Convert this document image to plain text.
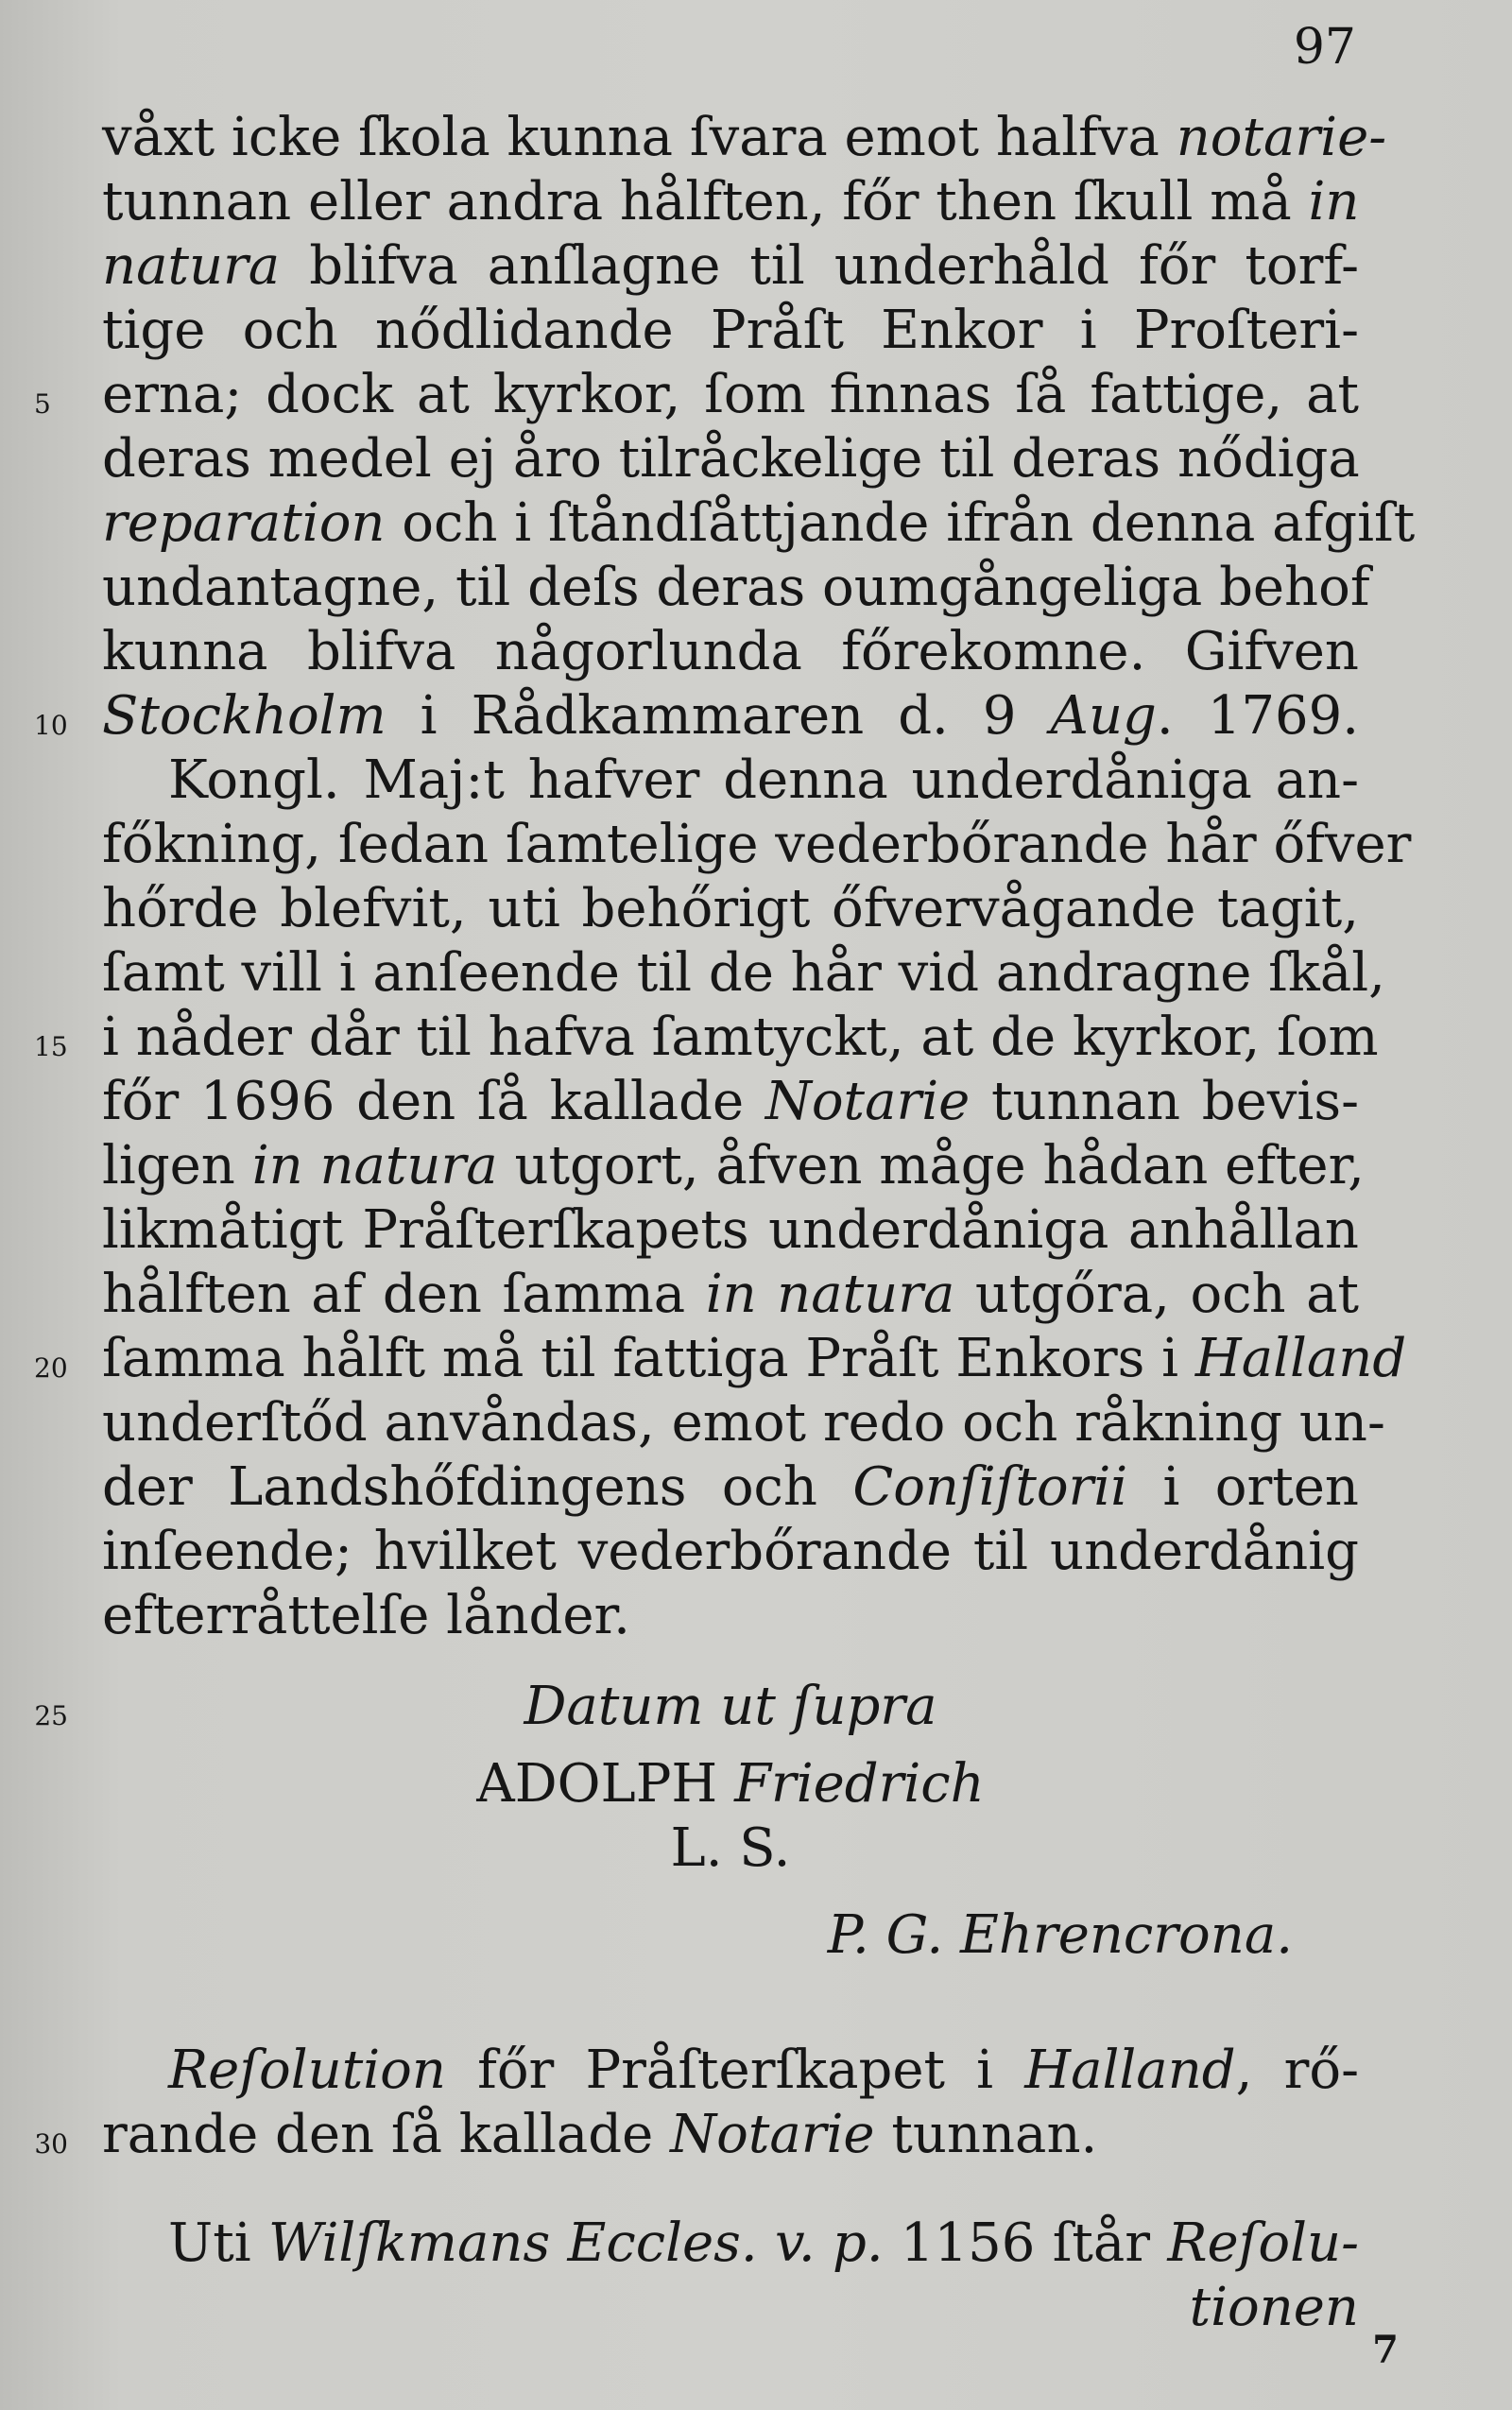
97
våxt icke ſkola kunna ſvara emot halfva notarie-
tunnan eller andra hålften, főr then ſkull må in
natura blifva anſlagne til underhåld főr torf-
tige och nődlidande Pråſt Enkor i Proſteri-
5 erna; dock at kyrkor, ſom finnas ſå fattige, at
deras medel ej åro tilråckelige til deras nődiga
reparation och i ſtåndſåttjande ifrån denna afgiſt
undantagne, til deſs deras oumgångeliga behof
kunna blifva någorlunda főrekomne. Gifven
10 Stockholm i Rådkammaren d. 9 Aug. 1769.
Kongl. Maj:t hafver denna underdåniga an-
főkning, ſedan ſamtelige vederbőrande hår őfver
hőrde blefvit, uti behőrigt őfvervågande tagit,
ſamt vill i anſeende til de hår vid andragne ſkål,
15 i nåder dår til hafva ſamtyckt, at de kyrkor, ſom
főr 1696 den ſå kallade Notarie tunnan bevis-
ligen in natura utgort, åfven måge hådan efter,
likmåtigt Pråſterſkapets underdåniga anhållan
hålften af den ſamma in natura utgőra, och at
20 ſamma hålft må til fattiga Pråſt Enkors i Halland
underſtőd anvåndas, emot redo och råkning un-
der Landshőfdingens och Conſiſtorii i orten
inſeende; hvilket vederbőrande til underdånig
efterråttelſe lånder.
25	Datum ut ſupra
ADOLPH Friedrich
L. S.
P. G. Ehrencrona.
Reſolution főr Pråſterſkapet i Halland, rő-
30 rande den ſå kallade Notarie tunnan.
Uti Wilſkmans Eccles. v. p. 1156 ſtår Reſolu-
tionen
7
